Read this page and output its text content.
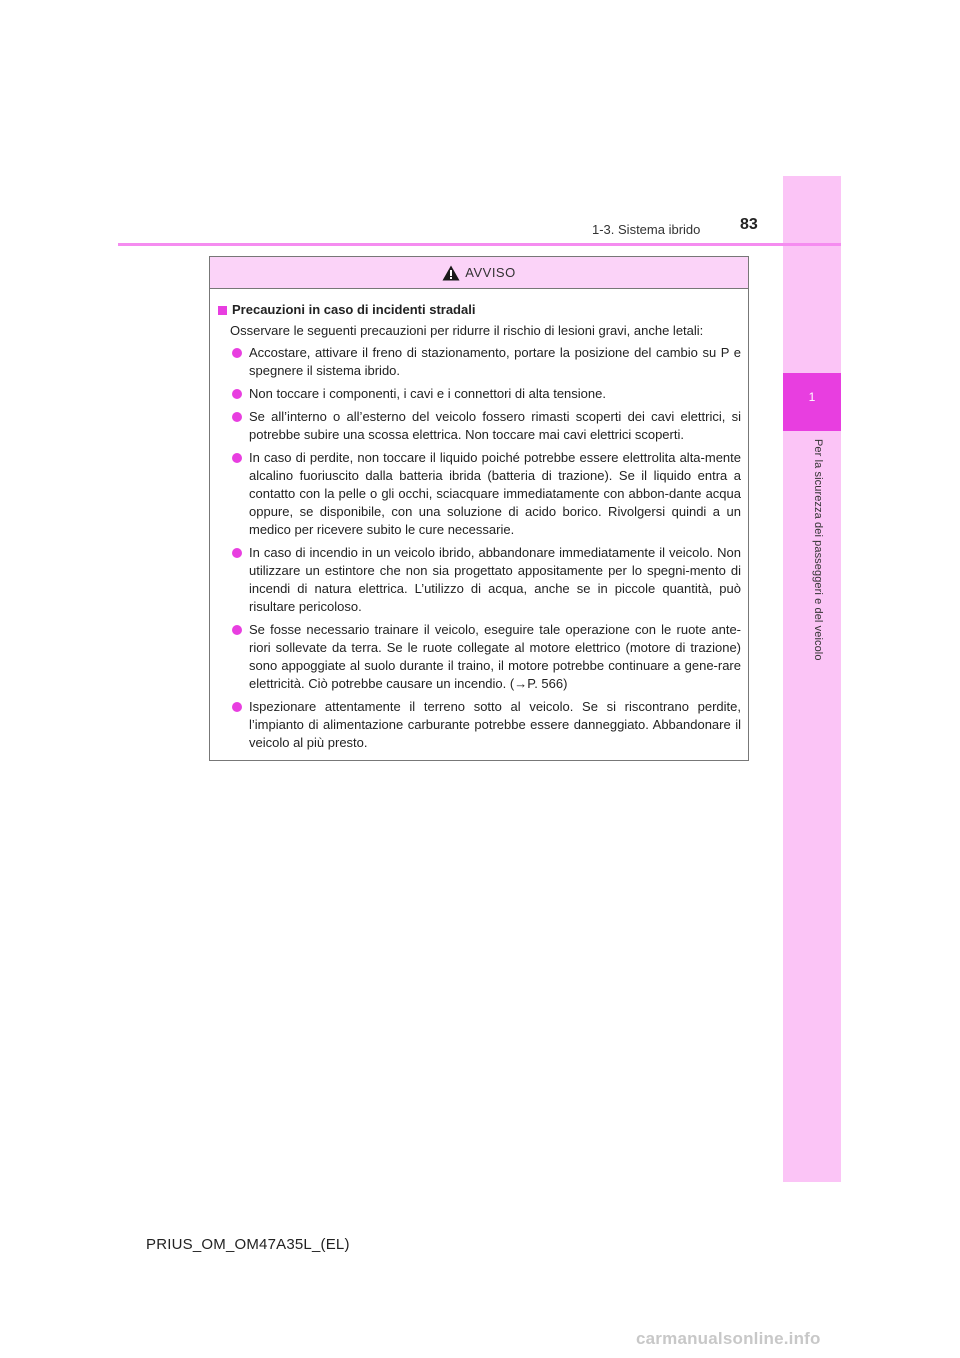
1
Per la sicurezza dei passeggeri e del veicolo
83
1-3. Sistema ibrido
AVVISO
Precauzioni in caso di incidenti stradali
Osservare le seguenti precauzioni per ridurre il rischio di lesioni gravi, anche letali:
Accostare, attivare il freno di stazionamento, portare la posizione del cambio su P e spegnere il sistema ibrido.
Non toccare i componenti, i cavi e i connettori di alta tensione.
Se all’interno o all’esterno del veicolo fossero rimasti scoperti dei cavi elettrici, si potrebbe subire una scossa elettrica. Non toccare mai cavi elettrici scoperti.
In caso di perdite, non toccare il liquido poiché potrebbe essere elettrolita alta-mente alcalino fuoriuscito dalla batteria ibrida (batteria di trazione). Se il liquido entra a contatto con la pelle o gli occhi, sciacquare immediatamente con abbon-dante acqua oppure, se disponibile, con una soluzione di acido borico. Rivolgersi quindi a un medico per ricevere subito le cure necessarie.
In caso di incendio in un veicolo ibrido, abbandonare immediatamente il veicolo. Non utilizzare un estintore che non sia progettato appositamente per lo spegni-mento di incendi di natura elettrica. L’utilizzo di acqua, anche se in piccole quantità, può risultare pericoloso.
Se fosse necessario trainare il veicolo, eseguire tale operazione con le ruote ante-riori sollevate da terra. Se le ruote collegate al motore elettrico (motore di trazione) sono appoggiate al suolo durante il traino, il motore potrebbe continuare a gene-rare elettricità. Ciò potrebbe causare un incendio. (→P. 566)
Ispezionare attentamente il terreno sotto al veicolo. Se si riscontrano perdite, l’impianto di alimentazione carburante potrebbe essere danneggiato. Abbandonare il veicolo al più presto.
PRIUS_OM_OM47A35L_(EL)
carmanualsonline.info
